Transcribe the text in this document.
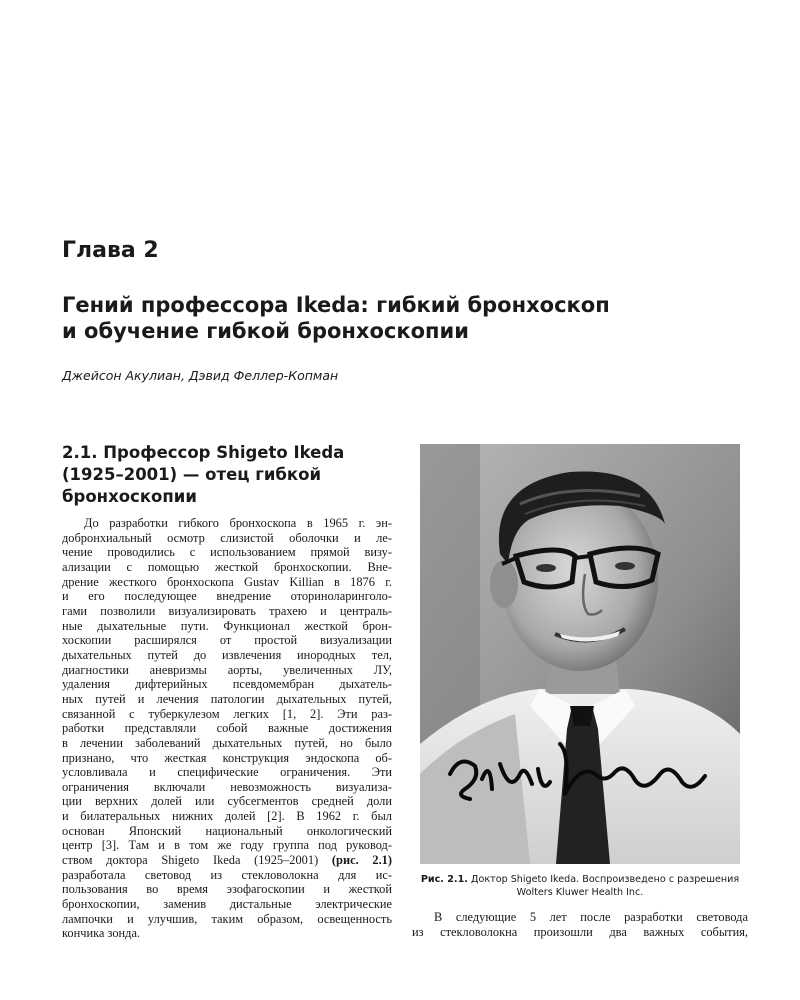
Глава 2
Гений профессора Ikeda: гибкий бронхоскоп
и обучение гибкой бронхоскопии

Джейсон Акулиан, Дэвид Феллер-Копман

2.1. Профессор Shigeto Ikeda
(1925–2001) — отец гибкой
бронхоскопии
До разработки гибкого бронхоскопа в 1965 г. эн-
добронхиальный осмотр слизистой оболочки и ле-
чение проводились с использованием прямой визу-
ализации с помощью жесткой бронхоскопии. Вне-
дрение жесткого бронхоскопа Gustav Killian в 1876 г.
и его последующее внедрение оториноларинголо-
гами позволили визуализировать трахею и централь-
ные дыхательные пути. Функционал жесткой брон-
хоскопии расширялся от простой визуализации
дыхательных путей до извлечения инородных тел,
диагностики аневризмы аорты, увеличенных ЛУ,
удаления дифтерийных псевдомембран дыхатель-
ных путей и лечения патологии дыхательных путей,
связанной с туберкулезом легких [1, 2]. Эти раз-
работки представляли собой важные достижения
в лечении заболеваний дыхательных путей, но было
признано, что жесткая конструкция эндоскопа об-
условливала и специфические ограничения. Эти
ограничения включали невозможность визуализа-
ции верхних долей или субсегментов средней доли
и билатеральных нижних долей [2]. В 1962 г. был
основан Японский национальный онкологический
центр [3]. Там и в том же году группа под руковод-
ством доктора Shigeto Ikeda (1925–2001) (рис. 2.1)
разработала световод из стекловолокна для ис-
пользования во время эзофагоскопии и жесткой
бронхоскопии, заменив дистальные электрические
лампочки и улучшив, таким образом, освещенность
кончика зонда.

Рис. 2.1. Доктор Shigeto Ikeda. Воспроизведено с разрешения
Wolters Kluwer Health Inc.

В следующие 5 лет после разработки световода
из стекловолокна произошли два важных события,
